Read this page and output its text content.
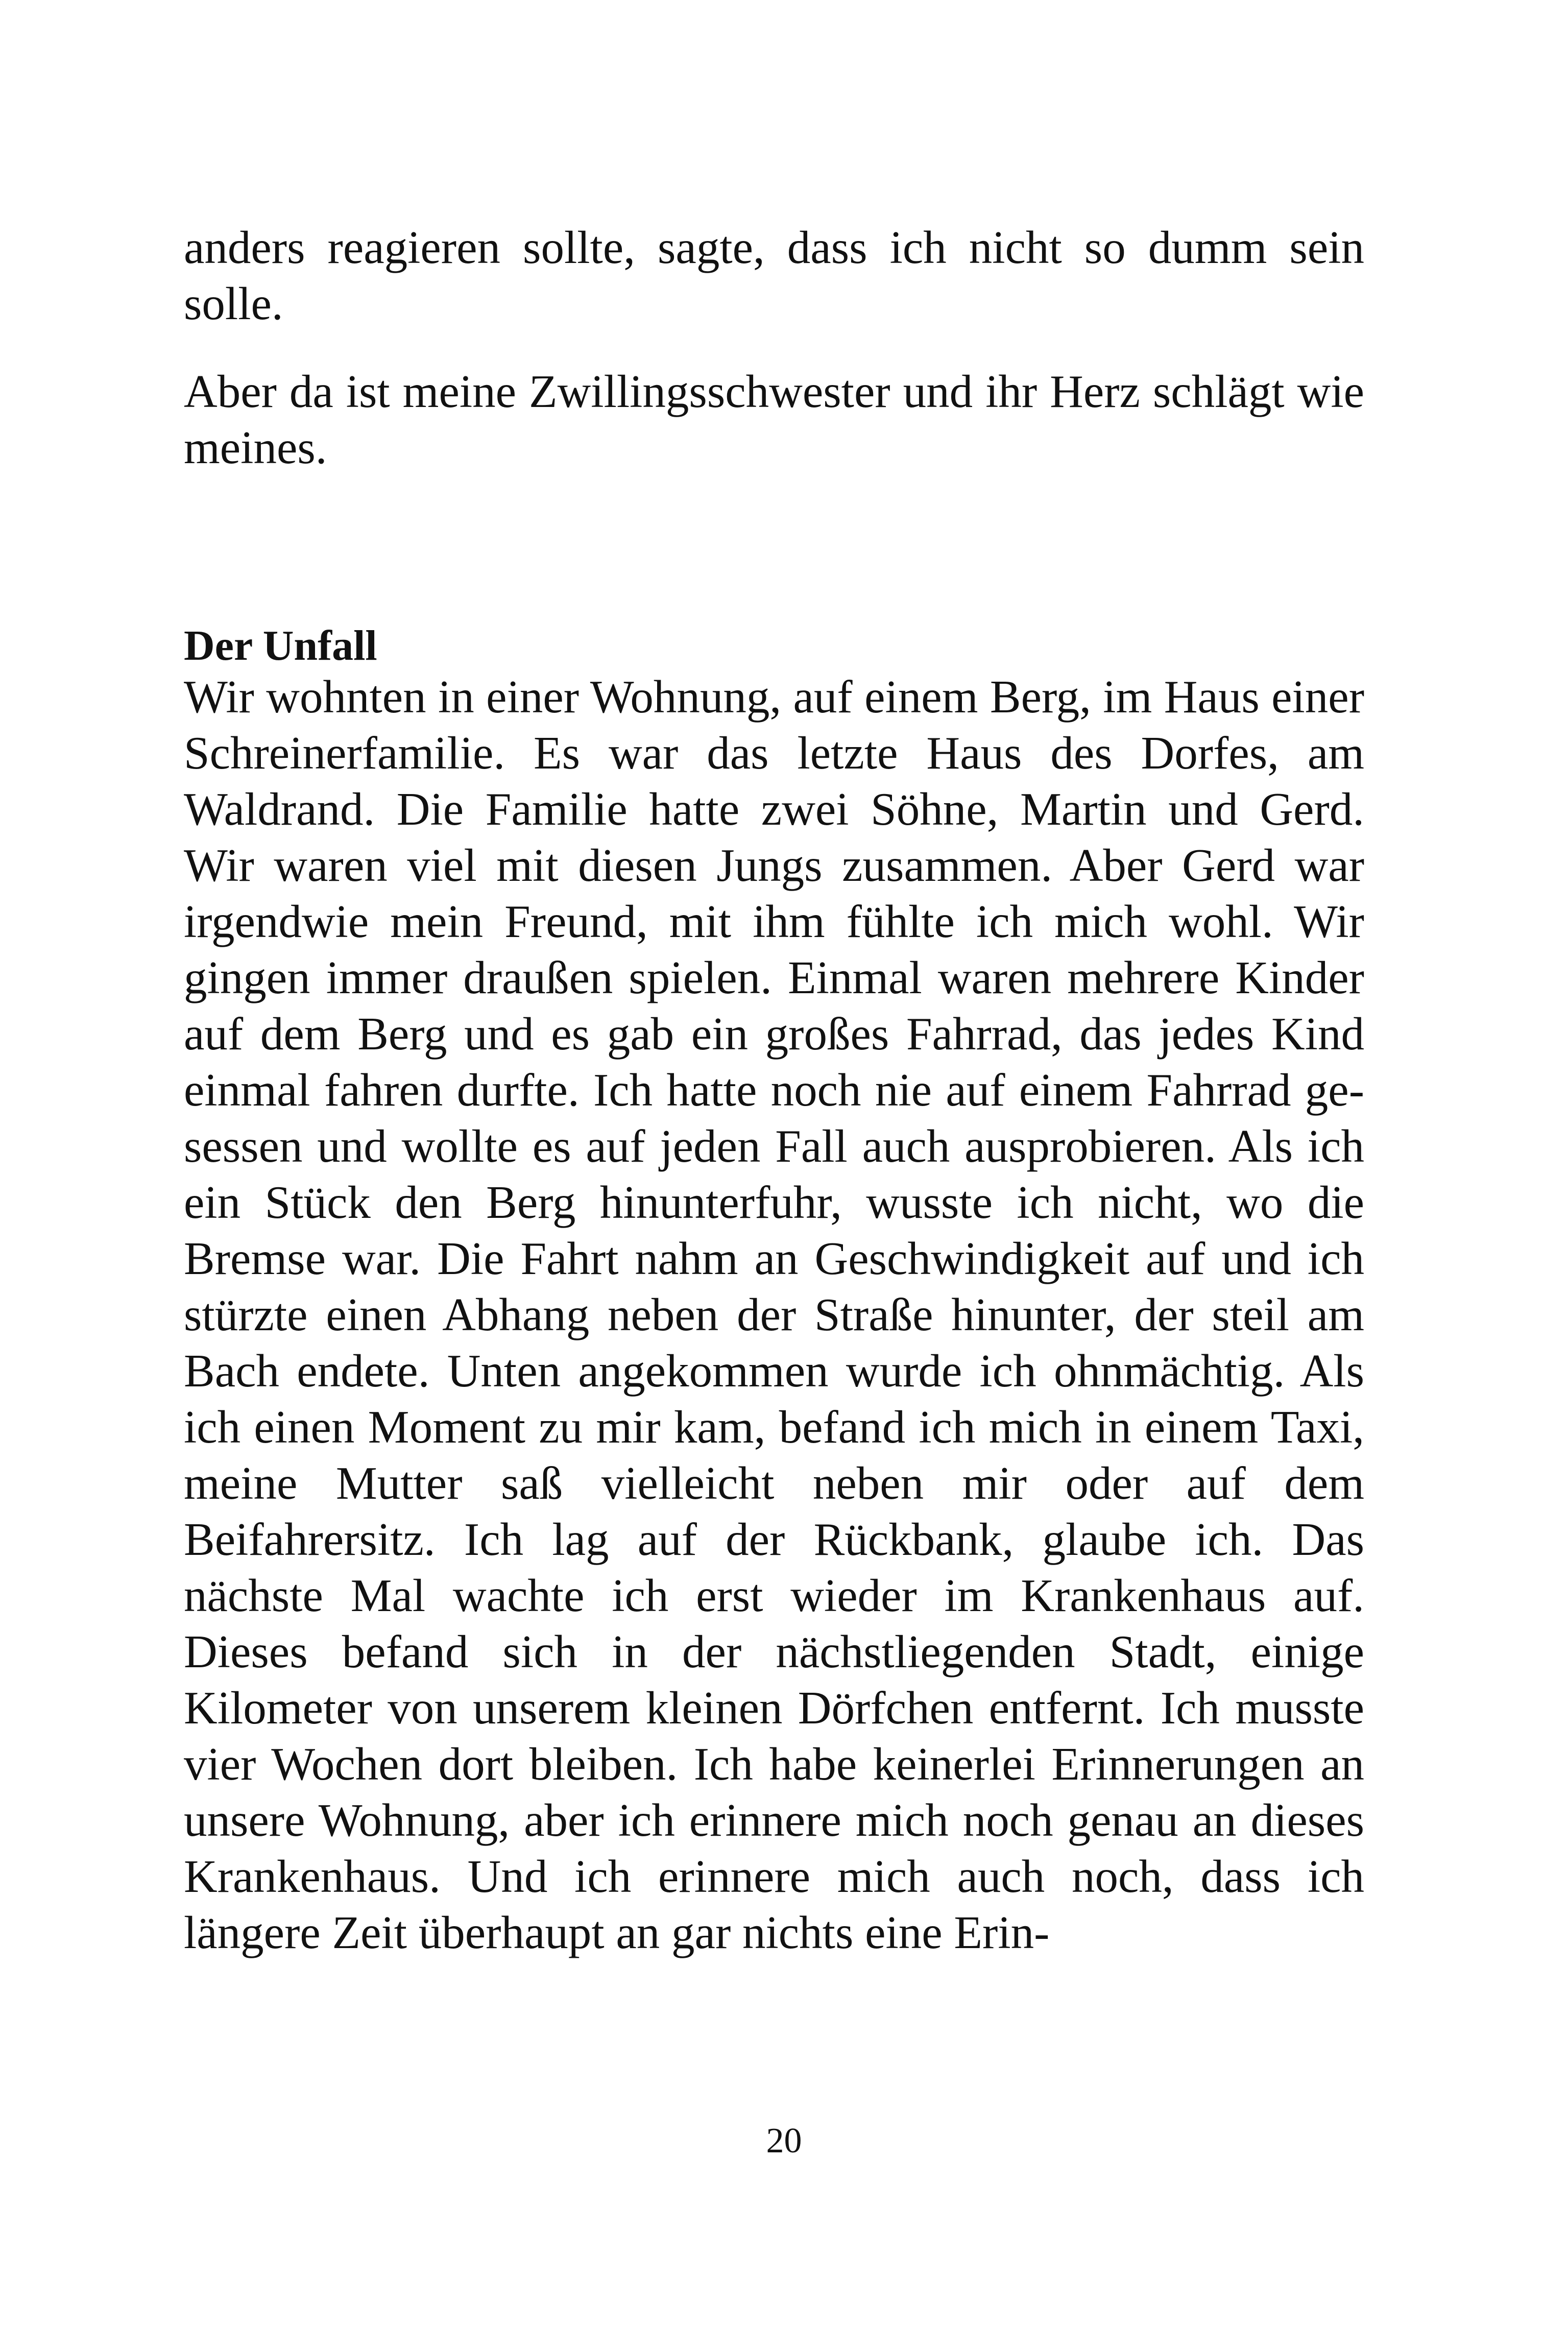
anders reagieren sollte, sagte, dass ich nicht so dumm sein solle.

Aber da ist meine Zwillingsschwester und ihr Herz schlägt wie meines.

Der Unfall

Wir wohnten in einer Wohnung, auf einem Berg, im Haus einer Schreinerfamilie. Es war das letzte Haus des Dorfes, am Waldrand. Die Familie hatte zwei Söhne, Martin und Gerd. Wir waren viel mit diesen Jungs zusammen. Aber Gerd war irgendwie mein Freund, mit ihm fühlte ich mich wohl. Wir gingen immer draußen spielen. Einmal waren mehrere Kinder auf dem Berg und es gab ein großes Fahrrad, das jedes Kind einmal fahren durfte. Ich hatte noch nie auf einem Fahrrad gesessen und wollte es auf jeden Fall auch ausprobieren. Als ich ein Stück den Berg hinunterfuhr, wusste ich nicht, wo die Bremse war. Die Fahrt nahm an Geschwindigkeit auf und ich stürzte einen Abhang neben der Straße hinunter, der steil am Bach endete. Unten angekommen wurde ich ohnmächtig. Als ich einen Moment zu mir kam, befand ich mich in einem Taxi, meine Mutter saß vielleicht neben mir oder auf dem Beifahrersitz. Ich lag auf der Rückbank, glaube ich. Das nächste Mal wachte ich erst wieder im Krankenhaus auf. Dieses befand sich in der nächstliegenden Stadt, einige Kilometer von unserem kleinen Dörfchen entfernt. Ich musste vier Wochen dort bleiben. Ich habe keinerlei Erinnerungen an unsere Wohnung, aber ich erinnere mich noch genau an dieses Krankenhaus. Und ich erinnere mich auch noch, dass ich längere Zeit überhaupt an gar nichts eine Erin-

20
